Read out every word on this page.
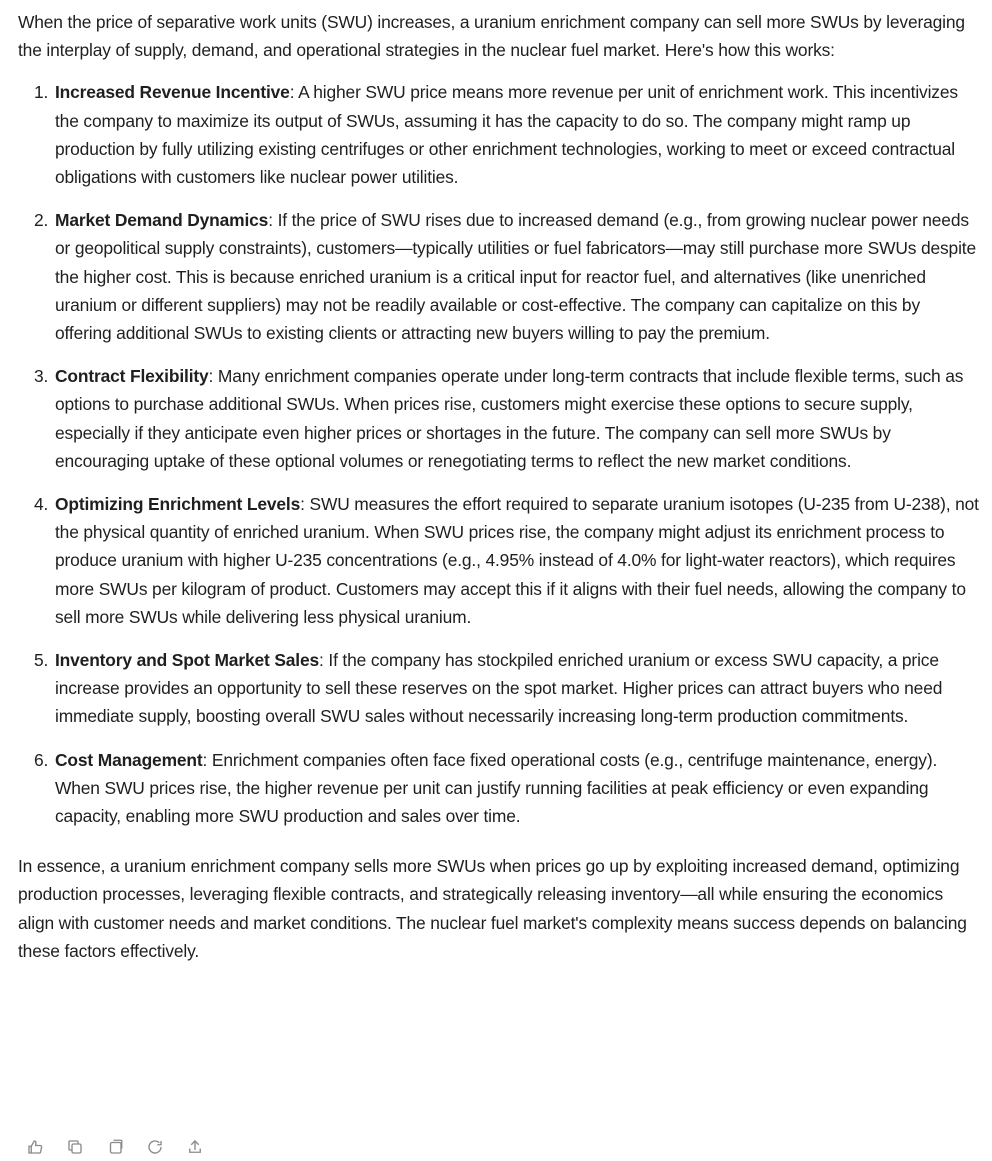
When the price of separative work units (SWU) increases, a uranium enrichment company can sell more SWUs by leveraging the interplay of supply, demand, and operational strategies in the nuclear fuel market. Here's how this works:

1. Increased Revenue Incentive: A higher SWU price means more revenue per unit of enrichment work. This incentivizes the company to maximize its output of SWUs, assuming it has the capacity to do so. The company might ramp up production by fully utilizing existing centrifuges or other enrichment technologies, working to meet or exceed contractual obligations with customers like nuclear power utilities.
2. Market Demand Dynamics: If the price of SWU rises due to increased demand (e.g., from growing nuclear power needs or geopolitical supply constraints), customers—typically utilities or fuel fabricators—may still purchase more SWUs despite the higher cost. This is because enriched uranium is a critical input for reactor fuel, and alternatives (like unenriched uranium or different suppliers) may not be readily available or cost-effective. The company can capitalize on this by offering additional SWUs to existing clients or attracting new buyers willing to pay the premium.
3. Contract Flexibility: Many enrichment companies operate under long-term contracts that include flexible terms, such as options to purchase additional SWUs. When prices rise, customers might exercise these options to secure supply, especially if they anticipate even higher prices or shortages in the future. The company can sell more SWUs by encouraging uptake of these optional volumes or renegotiating terms to reflect the new market conditions.
4. Optimizing Enrichment Levels: SWU measures the effort required to separate uranium isotopes (U-235 from U-238), not the physical quantity of enriched uranium. When SWU prices rise, the company might adjust its enrichment process to produce uranium with higher U-235 concentrations (e.g., 4.95% instead of 4.0% for light-water reactors), which requires more SWUs per kilogram of product. Customers may accept this if it aligns with their fuel needs, allowing the company to sell more SWUs while delivering less physical uranium.
5. Inventory and Spot Market Sales: If the company has stockpiled enriched uranium or excess SWU capacity, a price increase provides an opportunity to sell these reserves on the spot market. Higher prices can attract buyers who need immediate supply, boosting overall SWU sales without necessarily increasing long-term production commitments.
6. Cost Management: Enrichment companies often face fixed operational costs (e.g., centrifuge maintenance, energy). When SWU prices rise, the higher revenue per unit can justify running facilities at peak efficiency or even expanding capacity, enabling more SWU production and sales over time.

In essence, a uranium enrichment company sells more SWUs when prices go up by exploiting increased demand, optimizing production processes, leveraging flexible contracts, and strategically releasing inventory—all while ensuring the economics align with customer needs and market conditions. The nuclear fuel market's complexity means success depends on balancing these factors effectively.
